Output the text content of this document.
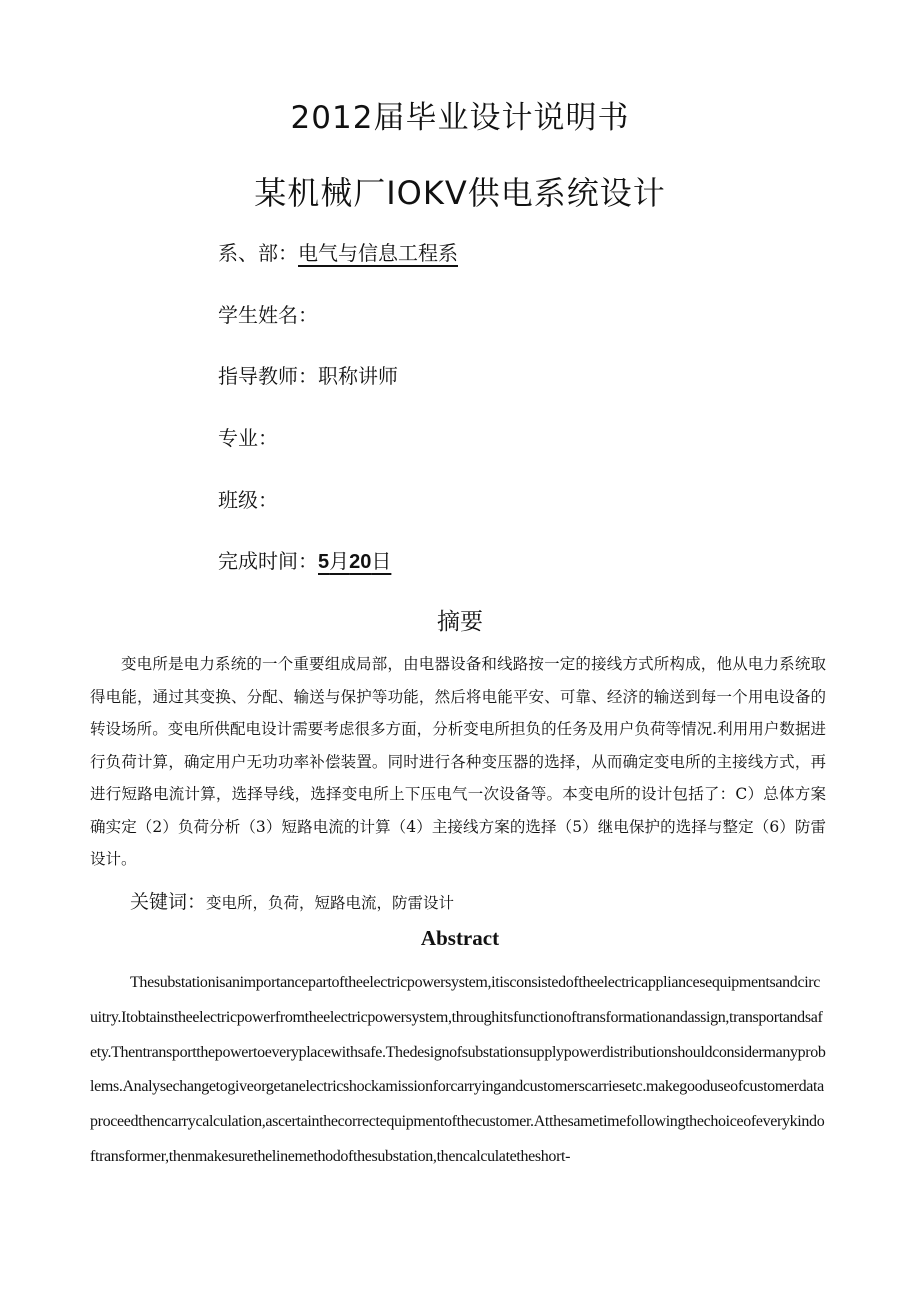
2012届毕业设计说明书
某机械厂IOKV供电系统设计
系、部：电气与信息工程系
学生姓名：
指导教师：职称讲师
专业：
班级：
完成时间：5月20日
摘要
变电所是电力系统的一个重要组成局部，由电器设备和线路按一定的接线方式所构成，他从电力系统取得电能，通过其变换、分配、输送与保护等功能，然后将电能平安、可靠、经济的输送到每一个用电设备的转设场所。变电所供配电设计需要考虑很多方面，分析变电所担负的任务及用户负荷等情况.利用用户数据进行负荷计算，确定用户无功功率补偿装置。同时进行各种变压器的选择，从而确定变电所的主接线方式，再进行短路电流计算，选择导线，选择变电所上下压电气一次设备等。本变电所的设计包括了：C）总体方案确实定（2）负荷分析（3）短路电流的计算（4）主接线方案的选择（5）继电保护的选择与整定（6）防雷设计。
关键词：变电所，负荷，短路电流，防雷设计
Abstract
Thesubstationisanimportancepartoftheelectricpowersystem,itisconsistedoftheelectricappliancesequipmentsandcircuitry.Itobtainstheelectricpowerfromtheelectricpowersystem,throughitsfunctionoftransformationandassign,transportandsafety.Thentransportthepowertoeveryplacewithsafe.Thedesignofsubstationsupplypowerdistributionshouldconsidermanyproblems.Analysechangetogiveorgetanelectricshockamissionforcarryingandcustomerscarriesetc.makegooduseofcustomerdataproceedthencarrycalculation,ascertainthecorrectequipmentofthecustomer.Atthesametimefollowingthechoiceofeverykindoftransformer,thenmakesurethelinemethodofthesubstation,thencalculatetheshort-
